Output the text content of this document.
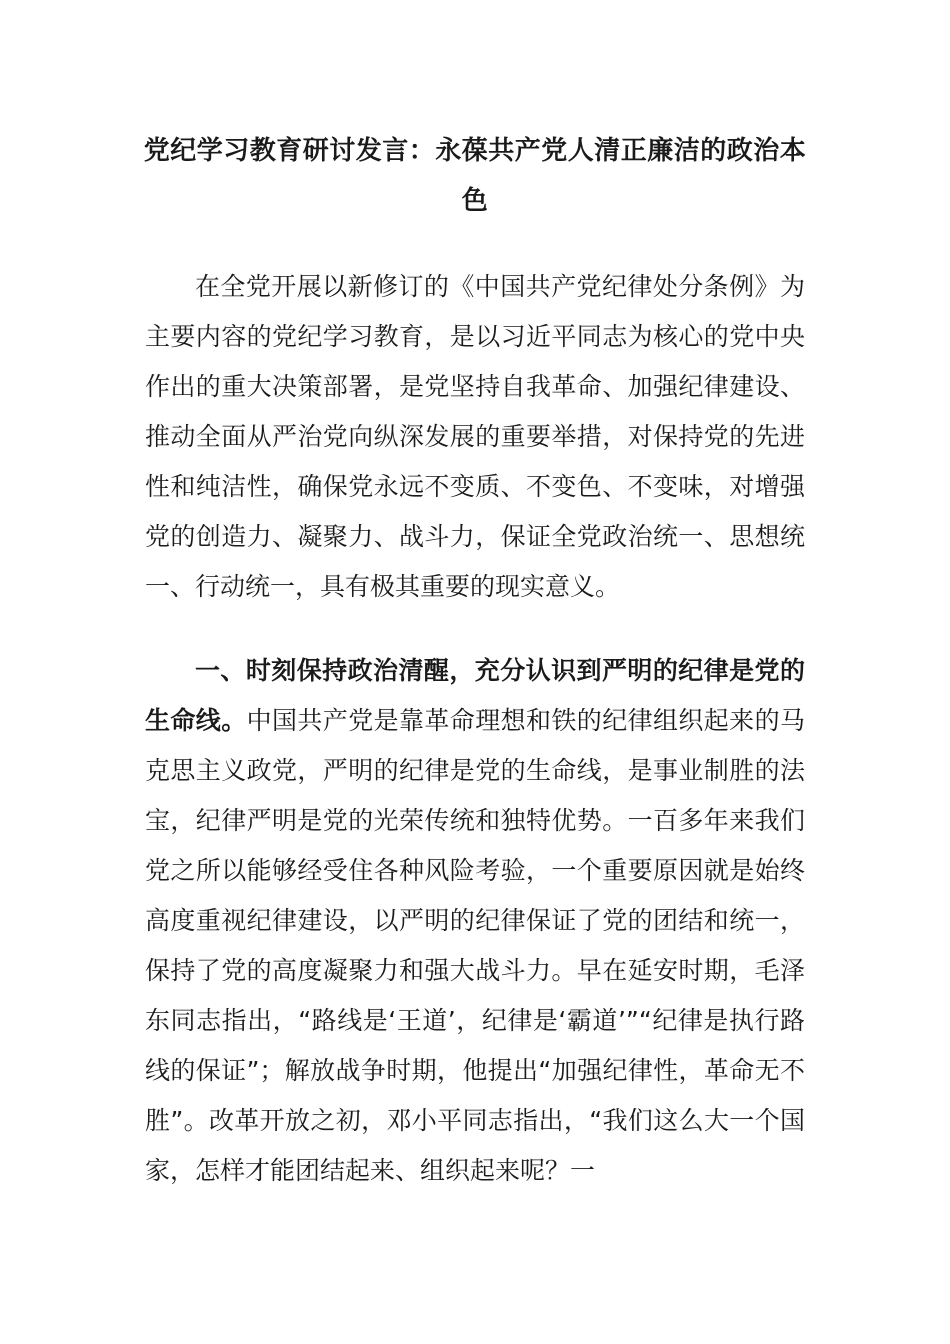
党纪学习教育研讨发言：永葆共产党人清正廉洁的政治本色

在全党开展以新修订的《中国共产党纪律处分条例》为主要内容的党纪学习教育，是以习近平同志为核心的党中央作出的重大决策部署，是党坚持自我革命、加强纪律建设、推动全面从严治党向纵深发展的重要举措，对保持党的先进性和纯洁性，确保党永远不变质、不变色、不变味，对增强党的创造力、凝聚力、战斗力，保证全党政治统一、思想统一、行动统一，具有极其重要的现实意义。

一、时刻保持政治清醒，充分认识到严明的纪律是党的生命线。中国共产党是靠革命理想和铁的纪律组织起来的马克思主义政党，严明的纪律是党的生命线，是事业制胜的法宝，纪律严明是党的光荣传统和独特优势。一百多年来我们党之所以能够经受住各种风险考验，一个重要原因就是始终高度重视纪律建设，以严明的纪律保证了党的团结和统一，保持了党的高度凝聚力和强大战斗力。早在延安时期，毛泽东同志指出，“路线是‘王道’，纪律是‘霸道’”“纪律是执行路线的保证”；解放战争时期，他提出“加强纪律性，革命无不胜”。改革开放之初，邓小平同志指出，“我们这么大一个国家，怎样才能团结起来、组织起来呢？一
